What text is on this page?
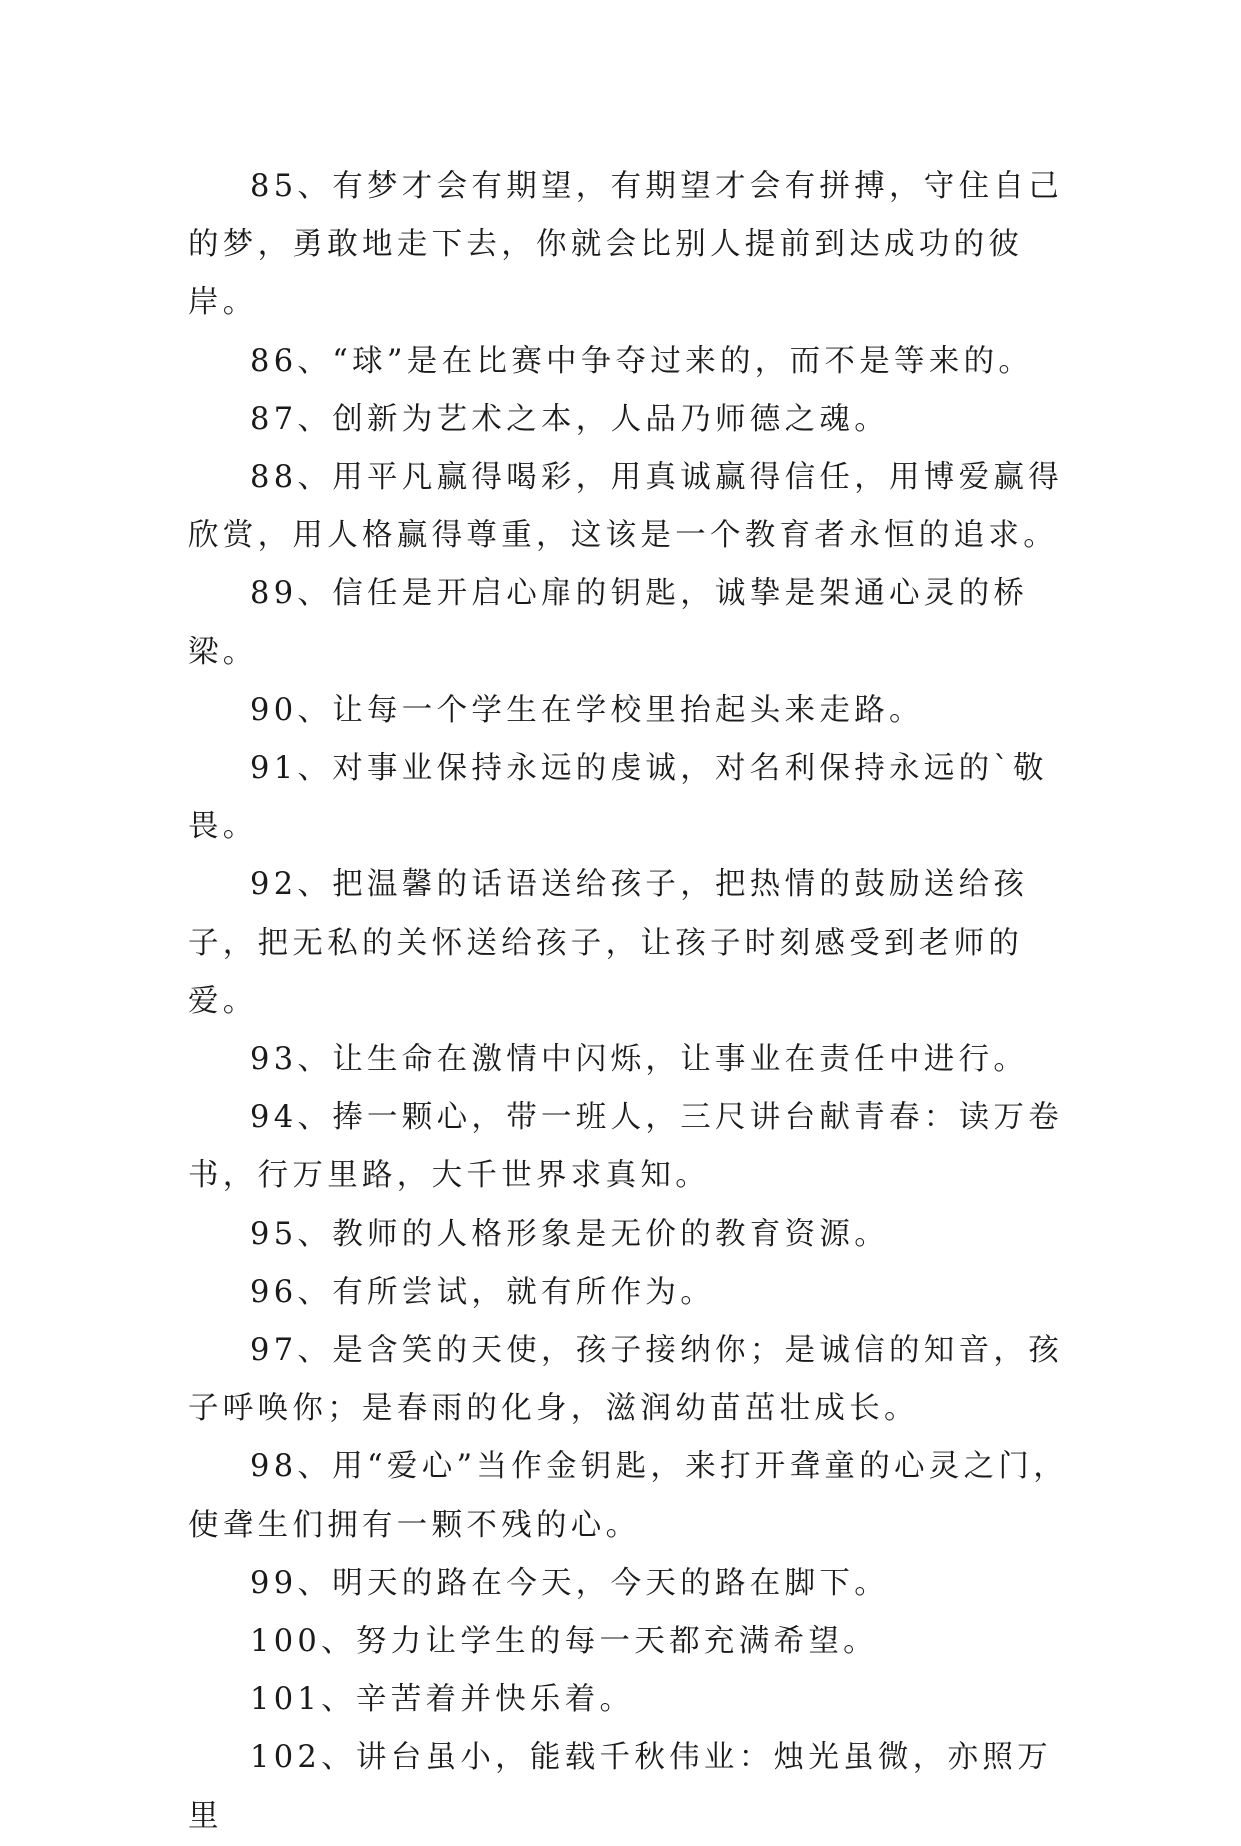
85、有梦才会有期望，有期望才会有拼搏，守住自己的梦，勇敢地走下去，你就会比别人提前到达成功的彼岸。

86、“球”是在比赛中争夺过来的，而不是等来的。

87、创新为艺术之本，人品乃师德之魂。

88、用平凡赢得喝彩，用真诚赢得信任，用博爱赢得欣赏，用人格赢得尊重，这该是一个教育者永恒的追求。

89、信任是开启心扉的钥匙，诚挚是架通心灵的桥梁。

90、让每一个学生在学校里抬起头来走路。

91、对事业保持永远的虔诚，对名利保持永远的`敬畏。

92、把温馨的话语送给孩子，把热情的鼓励送给孩子，把无私的关怀送给孩子，让孩子时刻感受到老师的爱。

93、让生命在激情中闪烁，让事业在责任中进行。

94、捧一颗心，带一班人，三尺讲台献青春：读万卷书，行万里路，大千世界求真知。

95、教师的人格形象是无价的教育资源。

96、有所尝试，就有所作为。

97、是含笑的天使，孩子接纳你；是诚信的知音，孩子呼唤你；是春雨的化身，滋润幼苗茁壮成长。

98、用“爱心”当作金钥匙，来打开聋童的心灵之门，使聋生们拥有一颗不残的心。

99、明天的路在今天，今天的路在脚下。

100、努力让学生的每一天都充满希望。

101、辛苦着并快乐着。

102、讲台虽小，能载千秋伟业：烛光虽微，亦照万里
